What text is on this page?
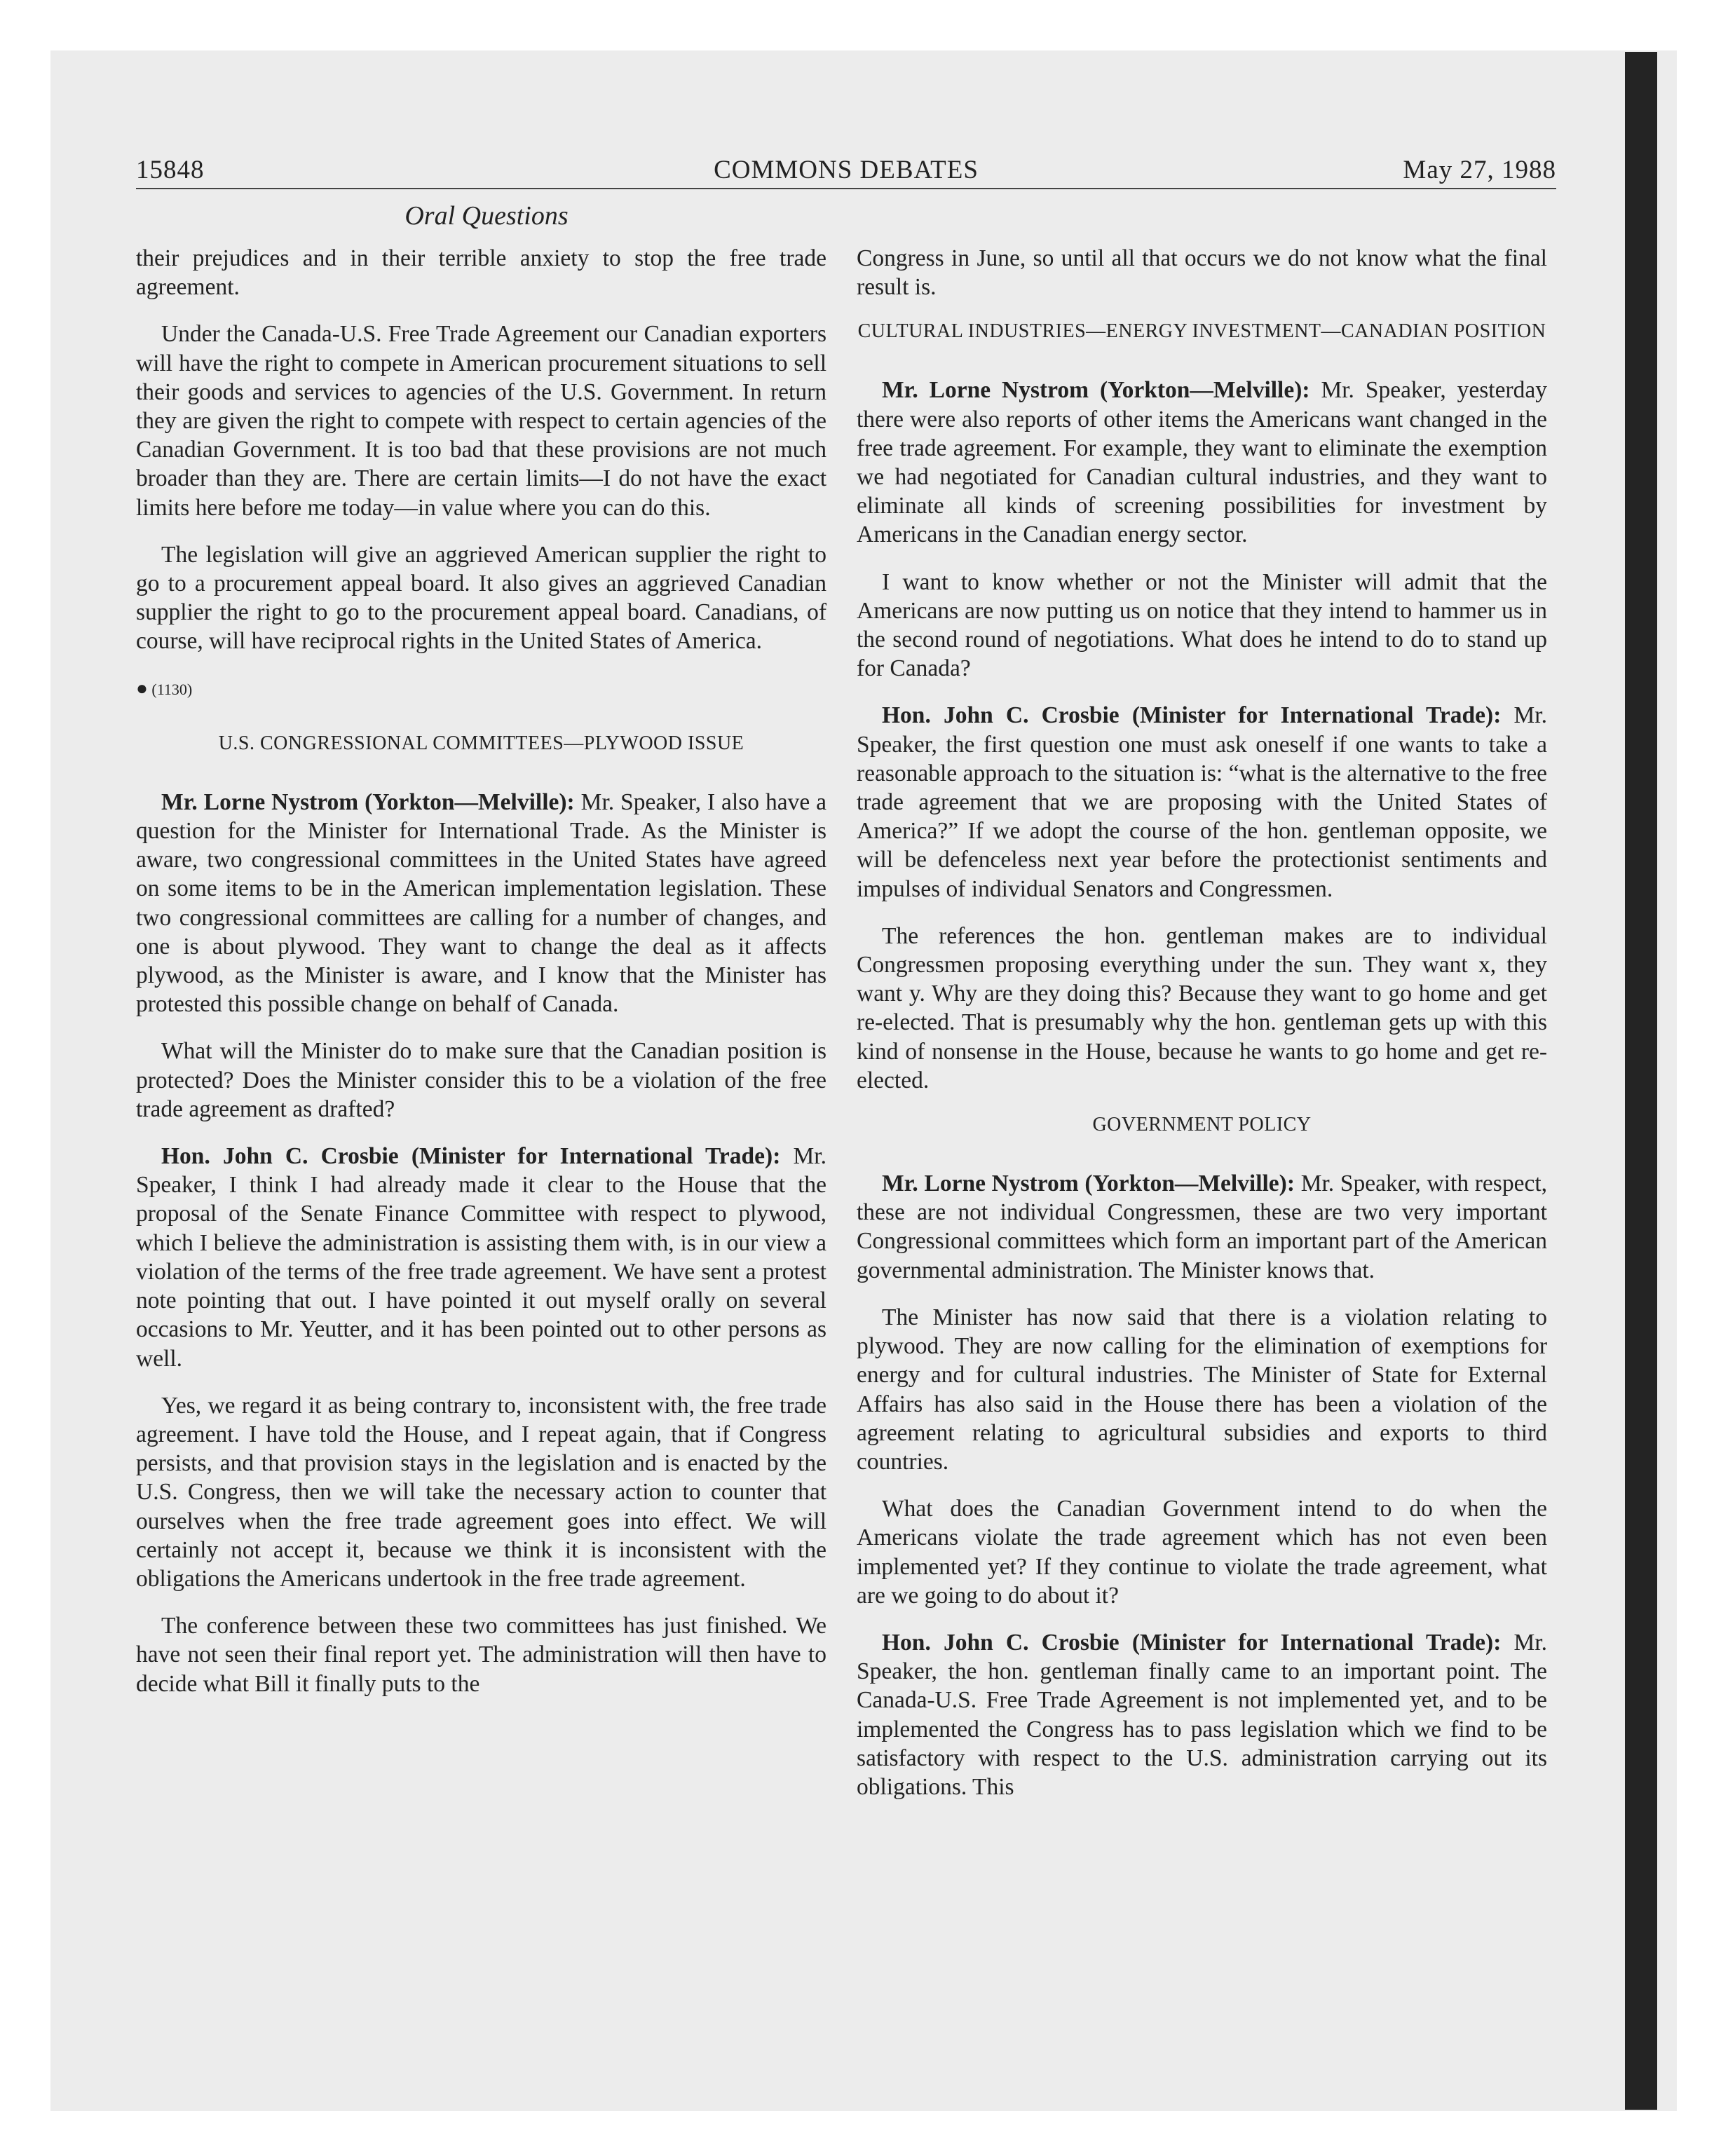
15848	COMMONS DEBATES	May 27, 1988
Oral Questions

their prejudices and in their terrible anxiety to stop the free trade agreement.

Under the Canada-U.S. Free Trade Agreement our Canadian exporters will have the right to compete in American procurement situations to sell their goods and services to agencies of the U.S. Government. In return they are given the right to compete with respect to certain agencies of the Canadian Government. It is too bad that these provisions are not much broader than they are. There are certain limits—I do not have the exact limits here before me today—in value where you can do this.

The legislation will give an aggrieved American supplier the right to go to a procurement appeal board. It also gives an aggrieved Canadian supplier the right to go to the procurement appeal board. Canadians, of course, will have reciprocal rights in the United States of America.

● (1130)
U.S. CONGRESSIONAL COMMITTEES—PLYWOOD ISSUE

Mr. Lorne Nystrom (Yorkton—Melville): Mr. Speaker, I also have a question for the Minister for International Trade. As the Minister is aware, two congressional committees in the United States have agreed on some items to be in the American implementation legislation. These two congressional committees are calling for a number of changes, and one is about plywood. They want to change the deal as it affects plywood, as the Minister is aware, and I know that the Minister has protested this possible change on behalf of Canada.

What will the Minister do to make sure that the Canadian position is protected? Does the Minister consider this to be a violation of the free trade agreement as drafted?

Hon. John C. Crosbie (Minister for International Trade): Mr. Speaker, I think I had already made it clear to the House that the proposal of the Senate Finance Committee with respect to plywood, which I believe the administration is assisting them with, is in our view a violation of the terms of the free trade agreement. We have sent a protest note pointing that out. I have pointed it out myself orally on several occasions to Mr. Yeutter, and it has been pointed out to other persons as well.

Yes, we regard it as being contrary to, inconsistent with, the free trade agreement. I have told the House, and I repeat again, that if Congress persists, and that provision stays in the legislation and is enacted by the U.S. Congress, then we will take the necessary action to counter that ourselves when the free trade agreement goes into effect. We will certainly not accept it, because we think it is inconsistent with the obligations the Americans undertook in the free trade agreement.

The conference between these two committees has just finished. We have not seen their final report yet. The administration will then have to decide what Bill it finally puts to the

Congress in June, so until all that occurs we do not know what the final result is.

CULTURAL INDUSTRIES—ENERGY INVESTMENT—CANADIAN POSITION

Mr. Lorne Nystrom (Yorkton—Melville): Mr. Speaker, yesterday there were also reports of other items the Americans want changed in the free trade agreement. For example, they want to eliminate the exemption we had negotiated for Canadian cultural industries, and they want to eliminate all kinds of screening possibilities for investment by Americans in the Canadian energy sector.

I want to know whether or not the Minister will admit that the Americans are now putting us on notice that they intend to hammer us in the second round of negotiations. What does he intend to do to stand up for Canada?

Hon. John C. Crosbie (Minister for International Trade): Mr. Speaker, the first question one must ask oneself if one wants to take a reasonable approach to the situation is: “what is the alternative to the free trade agreement that we are proposing with the United States of America?” If we adopt the course of the hon. gentleman opposite, we will be defenceless next year before the protectionist sentiments and impulses of individual Senators and Congressmen.

The references the hon. gentleman makes are to individual Congressmen proposing everything under the sun. They want x, they want y. Why are they doing this? Because they want to go home and get re-elected. That is presumably why the hon. gentleman gets up with this kind of nonsense in the House, because he wants to go home and get re-elected.

GOVERNMENT POLICY

Mr. Lorne Nystrom (Yorkton—Melville): Mr. Speaker, with respect, these are not individual Congressmen, these are two very important Congressional committees which form an important part of the American governmental administration. The Minister knows that.

The Minister has now said that there is a violation relating to plywood. They are now calling for the elimination of exemptions for energy and for cultural industries. The Minister of State for External Affairs has also said in the House there has been a violation of the agreement relating to agricultural subsidies and exports to third countries.

What does the Canadian Government intend to do when the Americans violate the trade agreement which has not even been implemented yet? If they continue to violate the trade agreement, what are we going to do about it?

Hon. John C. Crosbie (Minister for International Trade): Mr. Speaker, the hon. gentleman finally came to an important point. The Canada-U.S. Free Trade Agreement is not implemented yet, and to be implemented the Congress has to pass legislation which we find to be satisfactory with respect to the U.S. administration carrying out its obligations. This
